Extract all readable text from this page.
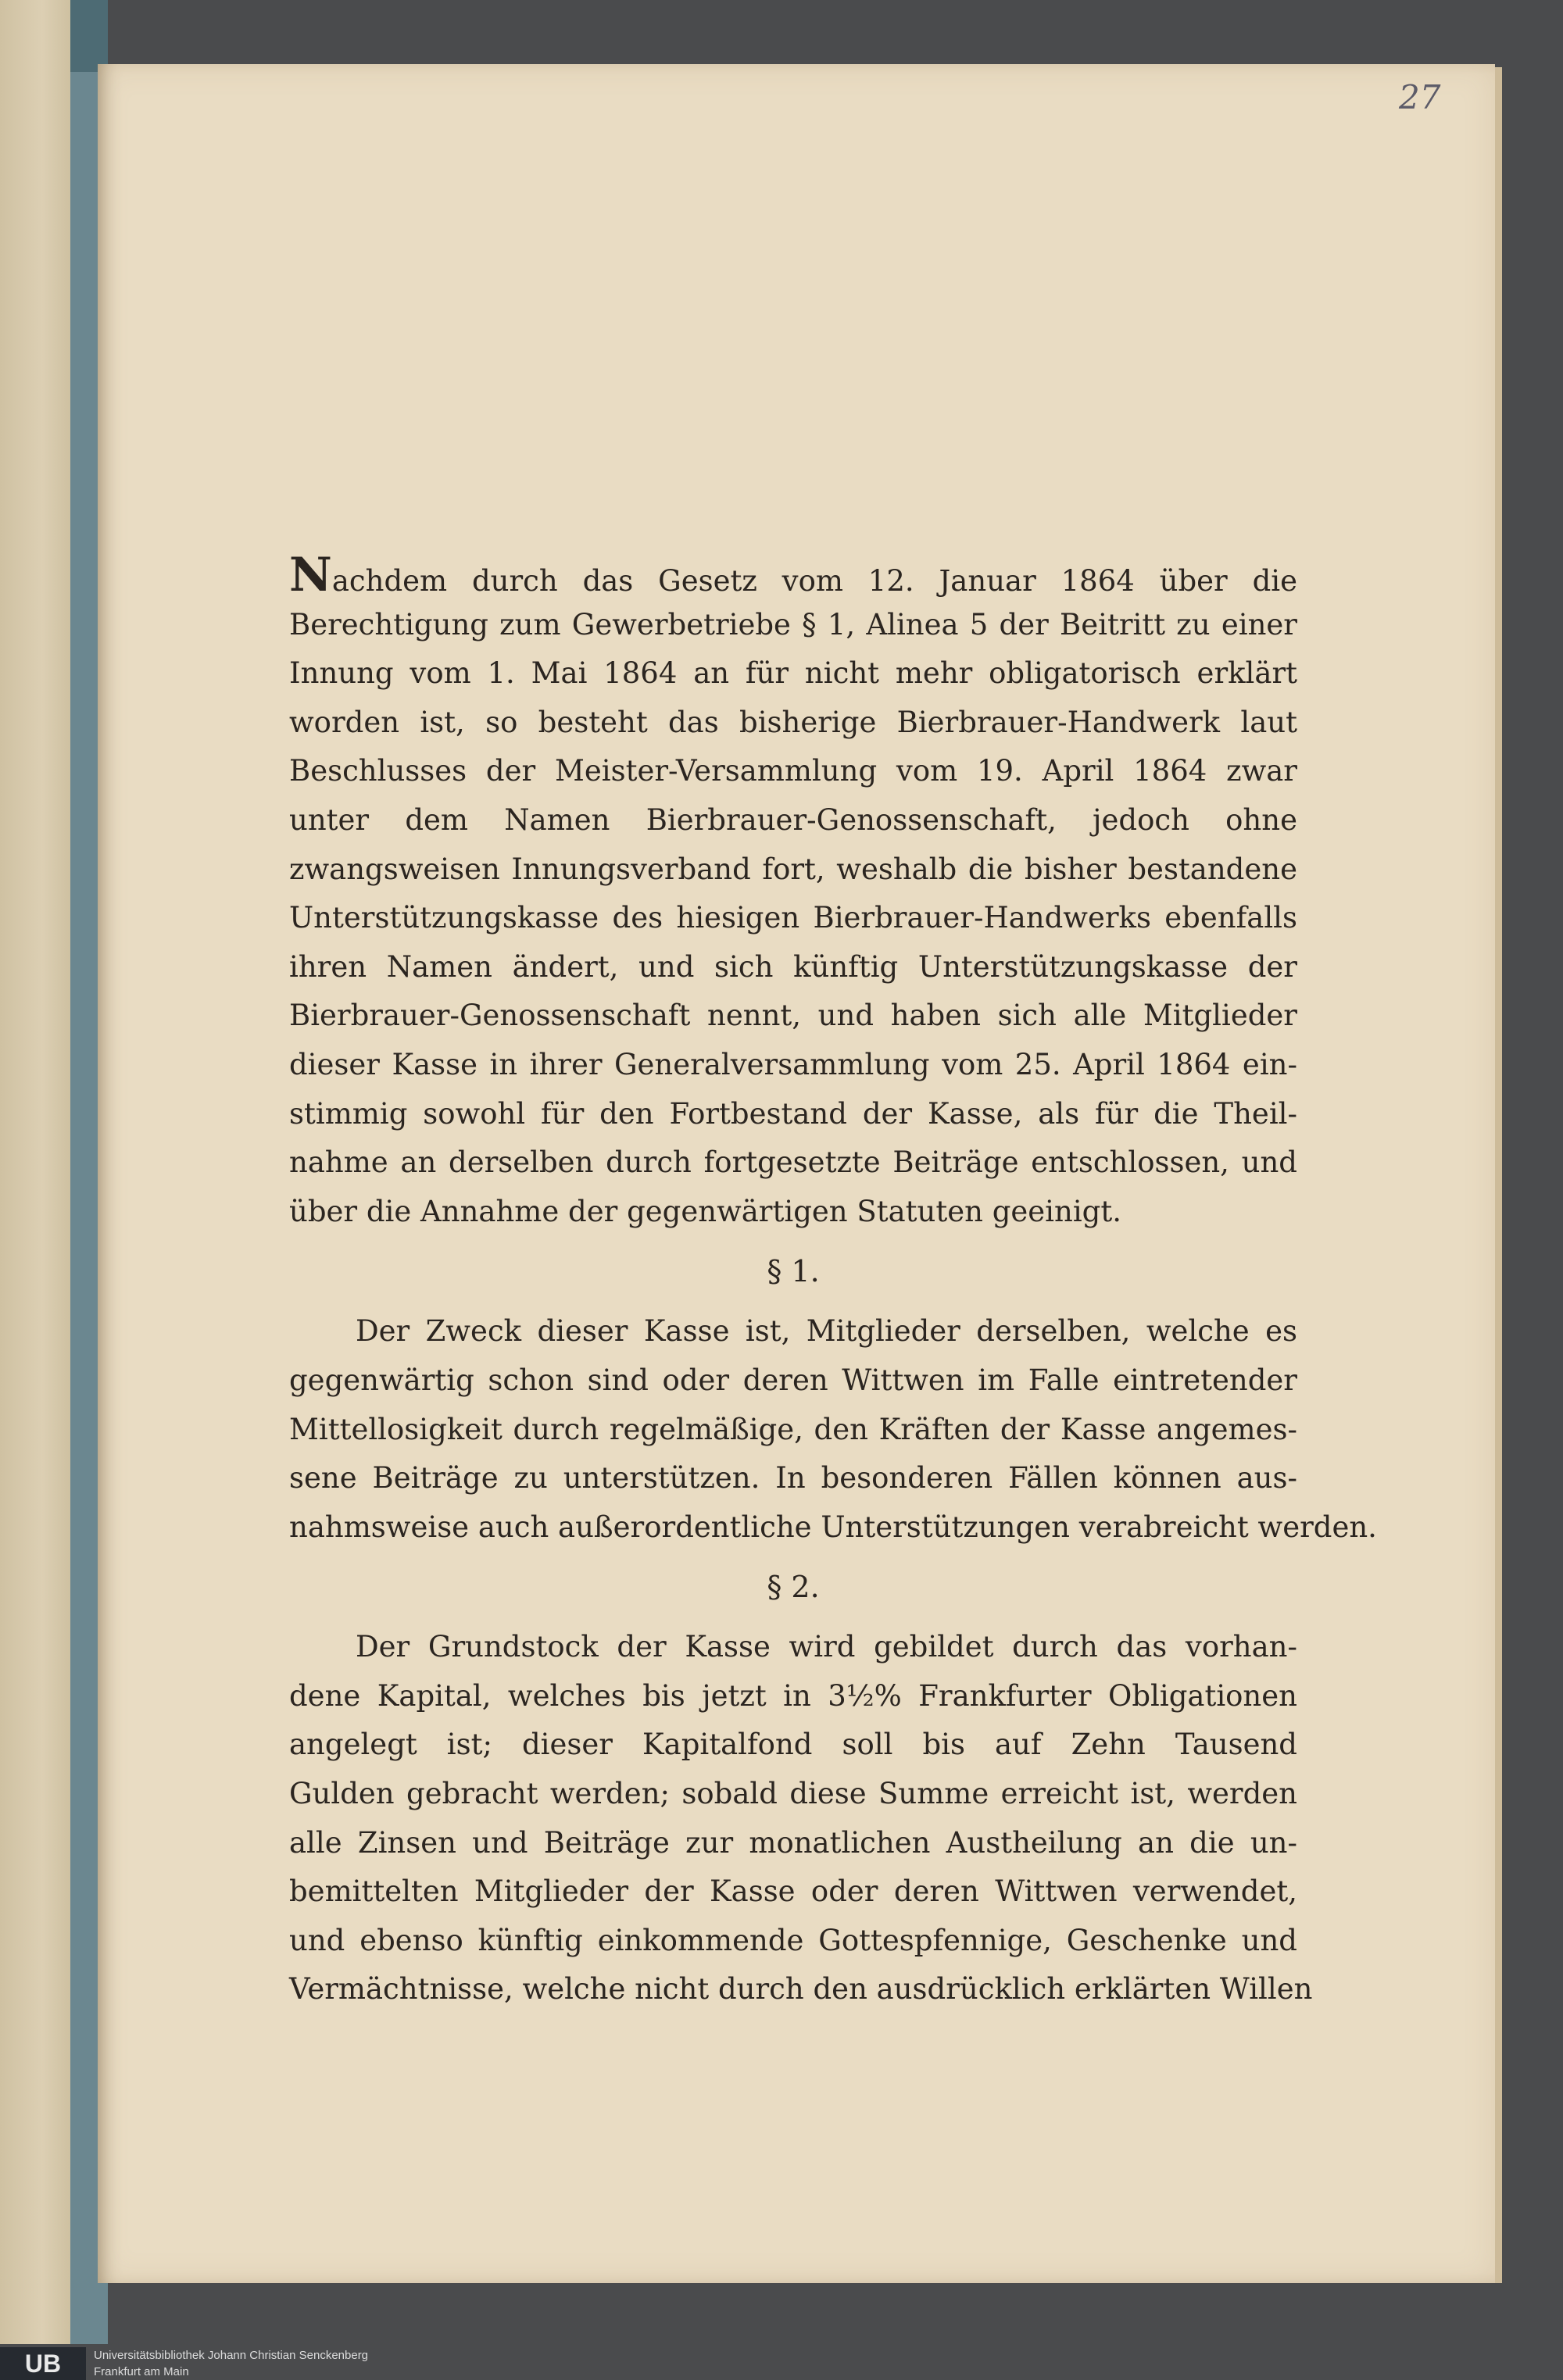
27
Nachdem durch das Gesetz vom 12. Januar 1864 über die
Berechtigung zum Gewerbetriebe § 1, Alinea 5 der Beitritt zu einer
Innung vom 1. Mai 1864 an für nicht mehr obligatorisch erklärt
worden ist, so besteht das bisherige Bierbrauer-Handwerk laut
Beschlusses der Meister-Versammlung vom 19. April 1864 zwar
unter dem Namen Bierbrauer-Genossenschaft, jedoch ohne
zwangsweisen Innungsverband fort, weshalb die bisher bestandene
Unterstützungskasse des hiesigen Bierbrauer-Handwerks ebenfalls
ihren Namen ändert, und sich künftig Unterstützungskasse der
Bierbrauer-Genossenschaft nennt, und haben sich alle Mitglieder
dieser Kasse in ihrer Generalversammlung vom 25. April 1864 ein-
stimmig sowohl für den Fortbestand der Kasse, als für die Theil-
nahme an derselben durch fortgesetzte Beiträge entschlossen, und
über die Annahme der gegenwärtigen Statuten geeinigt.
§ 1.
Der Zweck dieser Kasse ist, Mitglieder derselben, welche es
gegenwärtig schon sind oder deren Wittwen im Falle eintretender
Mittellosigkeit durch regelmäßige, den Kräften der Kasse angemes-
sene Beiträge zu unterstützen. In besonderen Fällen können aus-
nahmsweise auch außerordentliche Unterstützungen verabreicht werden.
§ 2.
Der Grundstock der Kasse wird gebildet durch das vorhan-
dene Kapital, welches bis jetzt in 3½% Frankfurter Obligationen
angelegt ist; dieser Kapitalfond soll bis auf Zehn Tausend
Gulden gebracht werden; sobald diese Summe erreicht ist, werden
alle Zinsen und Beiträge zur monatlichen Austheilung an die un-
bemittelten Mitglieder der Kasse oder deren Wittwen verwendet,
und ebenso künftig einkommende Gottespfennige, Geschenke und
Vermächtnisse, welche nicht durch den ausdrücklich erklärten Willen
UB	Universitätsbibliothek Johann Christian Senckenberg
Frankfurt am Main
